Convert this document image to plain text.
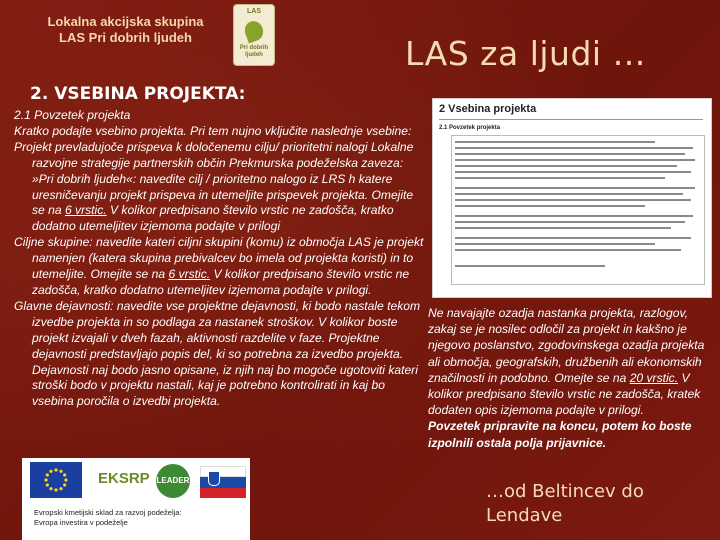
Lokalna akcijska skupina
LAS Pri dobrih ljudeh
LAS
Pri dobrih
ljudeh	LAS za ljudi …
2. VSEBINA PROJEKTA:

2.1 Povzetek projekta

Kratko podajte vsebino projekta. Pri tem nujno vključite naslednje vsebine:

Projekt prevladujoče prispeva k določenemu cilju/ prioritetni nalogi Lokalne razvojne strategije partnerskih občin Prekmurska podeželska zaveza: »Pri dobrih ljudeh«: navedite cilj / prioritetno nalogo iz LRS h katere uresničevanju projekt prispeva in utemeljite prispevek projekta. Omejite se na 6 vrstic. V kolikor predpisano število vrstic ne zadošča, kratko dodatno utemeljitev izjemoma podajte v prilogi

Ciljne skupine: navedite kateri ciljni skupini (komu) iz območja LAS je projekt namenjen (katera skupina prebivalcev bo imela od projekta koristi) in to utemeljite. Omejite se na 6 vrstic. V kolikor predpisano število vrstic ne zadošča, kratko dodatno utemeljitev izjemoma podajte v prilogi.

Glavne dejavnosti: navedite vse projektne dejavnosti, ki bodo nastale tekom izvedbe projekta in so podlaga za nastanek stroškov. V kolikor boste projekt izvajali v dveh fazah, aktivnosti razdelite v faze. Projektne dejavnosti predstavljajo popis del, ki so potrebna za izvedbo projekta. Dejavnosti naj bodo jasno opisane, iz njih naj bo mogoče ugotoviti kateri stroški bodo v projektu nastali, kaj je potrebno kontrolirati in kaj bo vsebina poročila o izvedbi projekta.

2 Vsebina projekta
2.1 Povzetek projekta

Ne navajajte ozadja nastanka projekta, razlogov, zakaj se je nosilec odločil za projekt in kakšno je njegovo poslanstvo, zgodovinskega ozadja projekta ali območja, geografskih, družbenih ali ekonomskih značilnosti in podobno. Omejte se na 20 vrstic. V kolikor predpisano število vrstic ne zadošča, kratek dodaten opis izjemoma podajte v prilogi.

Povzetek pripravite na koncu, potem ko boste izpolnili ostala polja prijavnice.

EKSRP LEADER
Evropski kmetijski sklad za razvoj podeželja:
Evropa investira v podeželje
…od Beltincev do
Lendave
